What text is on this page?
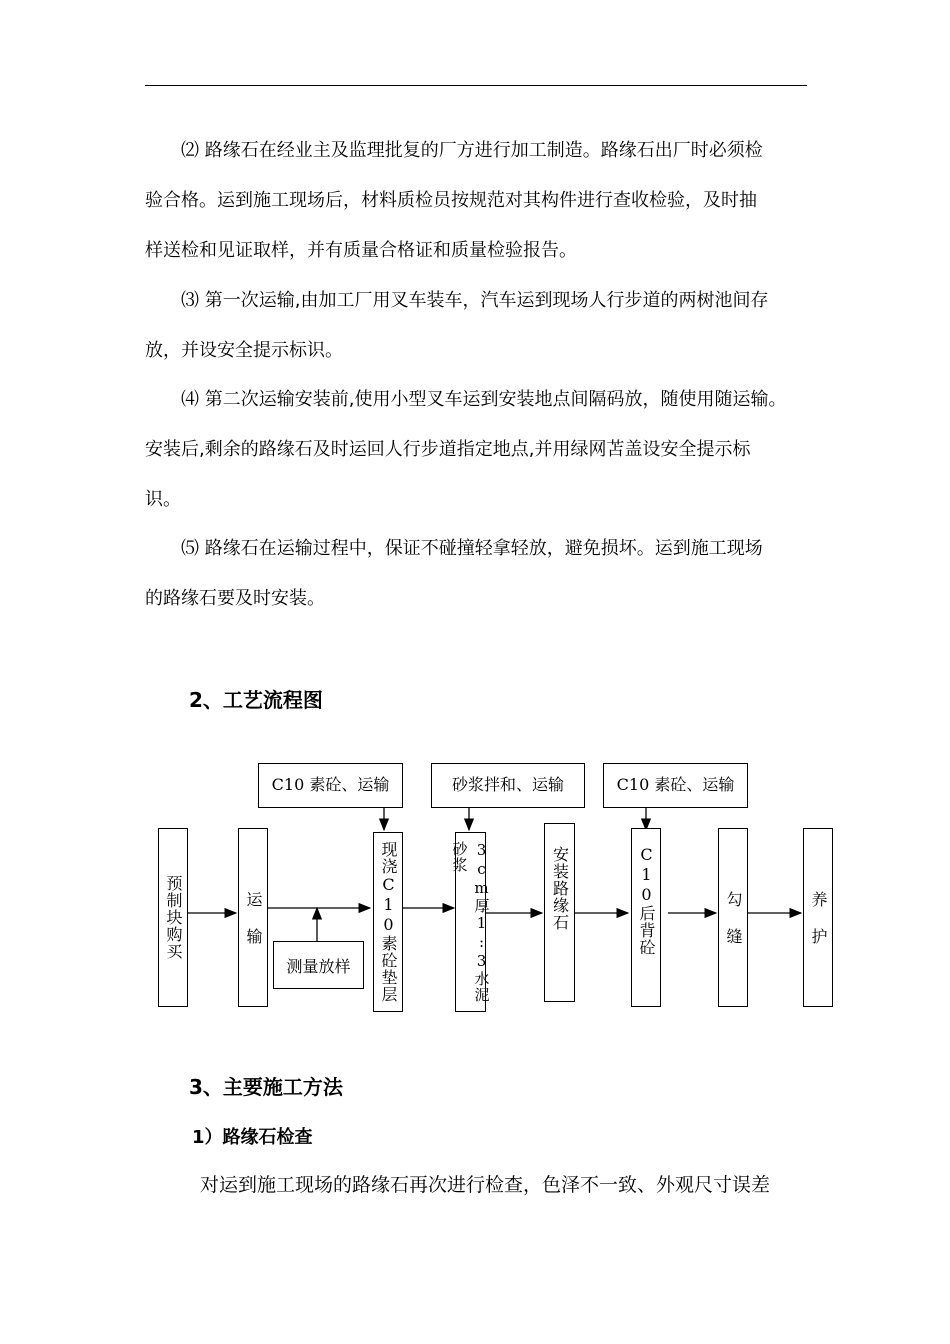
⑵ 路缘石在经业主及监理批复的厂方进行加工制造。路缘石出厂时必须检
验合格。运到施工现场后，材料质检员按规范对其构件进行查收检验，及时抽
样送检和见证取样，并有质量合格证和质量检验报告。
⑶ 第一次运输,由加工厂用叉车装车，汽车运到现场人行步道的两树池间存
放，并设安全提示标识。
⑷ 第二次运输安装前,使用小型叉车运到安装地点间隔码放，随使用随运输。
安装后,剩余的路缘石及时运回人行步道指定地点,并用绿网苫盖设安全提示标
识。
⑸ 路缘石在运输过程中，保证不碰撞轻拿轻放，避免损坏。运到施工现场
的路缘石要及时安装。
2、工艺流程图
C10 素砼、运输	砂浆拌和、运输	C10 素砼、运输
预制块购买	运 输	现浇C10素砼垫层	3cm厚1:3水泥砂浆	安装路缘石	C10后背砼	勾 缝	养 护
测量放样
3、主要施工方法
1）路缘石检查
对运到施工现场的路缘石再次进行检查，色泽不一致、外观尺寸误差
